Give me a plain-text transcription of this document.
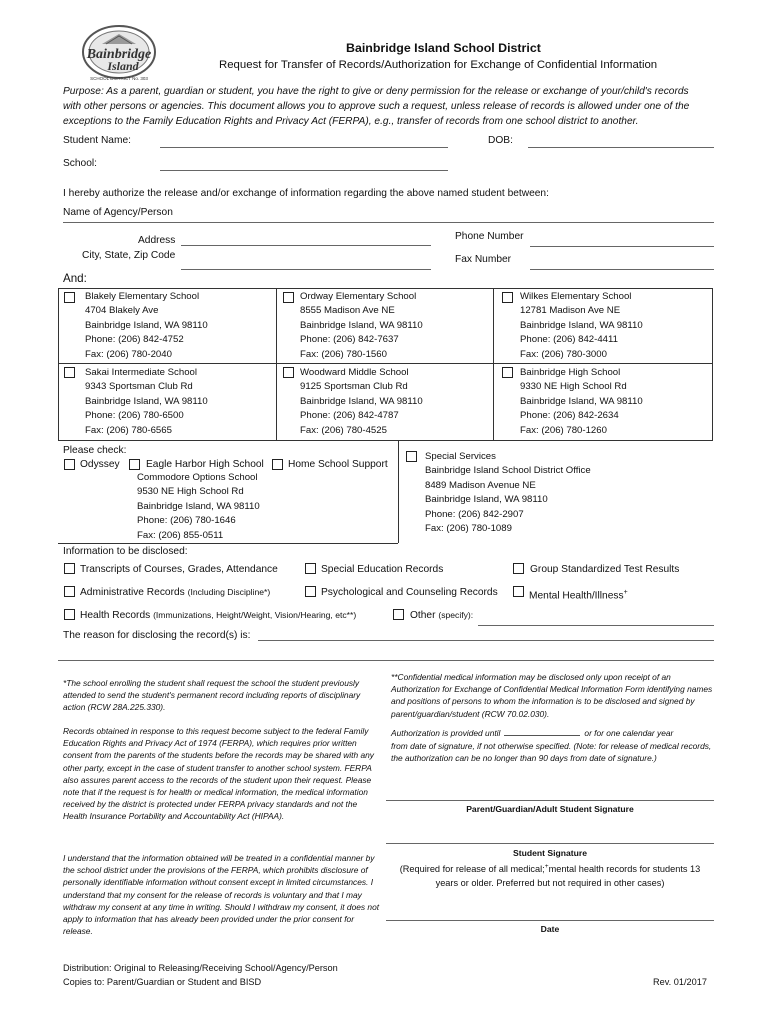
Bainbridge
Island
SCHOOL DISTRICT No. 303
Bainbridge Island School District
Request for Transfer of Records/Authorization for Exchange of Confidential Information
Purpose: As a parent, guardian or student, you have the right to give or deny permission for the release or exchange of your/child's records
with other persons or agencies. This document allows you to approve such a request, unless release of records is allowed under one of the
exceptions to the Family Education Rights and Privacy Act (FERPA), e.g., transfer of records from one school district to another.
Student Name:	DOB:
School:
I hereby authorize the release and/or exchange of information regarding the above named student between:
Name of Agency/Person
Address
City, State, Zip Code
Phone Number
Fax Number
And:
Blakely Elementary School
4704 Blakely Ave
Bainbridge Island, WA 98110
Phone: (206) 842-4752
Fax: (206) 780-2040
Ordway Elementary School
8555 Madison Ave NE
Bainbridge Island, WA 98110
Phone: (206) 842-7637
Fax: (206) 780-1560
Wilkes Elementary School
12781 Madison Ave NE
Bainbridge Island, WA 98110
Phone: (206) 842-4411
Fax: (206) 780-3000
Sakai Intermediate School
9343 Sportsman Club Rd
Bainbridge Island, WA 98110
Phone: (206) 780-6500
Fax: (206) 780-6565
Woodward Middle School
9125 Sportsman Club Rd
Bainbridge Island, WA 98110
Phone: (206) 842-4787
Fax: (206) 780-4525
Bainbridge High School
9330 NE High School Rd
Bainbridge Island, WA 98110
Phone: (206) 842-2634
Fax: (206) 780-1260
Please check:
Odyssey	Eagle Harbor High School Home School Support
Commodore Options School
9530 NE High School Rd
Bainbridge Island, WA 98110
Phone: (206) 780-1646
Fax: (206) 855-0511
Special Services
Bainbridge Island School District Office
8489 Madison Avenue NE
Bainbridge Island, WA 98110
Phone: (206) 842-2907
Fax: (206) 780-1089
Information to be disclosed:
Transcripts of Courses, Grades, Attendance	Special Education Records	Group Standardized Test Results
Administrative Records (Including Discipline*)	Psychological and Counseling Records	Mental Health/Illness+
Health Records (Immunizations, Height/Weight, Vision/Hearing, etc**)	Other (specify):
The reason for disclosing the record(s) is:
*The school enrolling the student shall request the school the student previously attended to send the student's permanent record including reports of disciplinary action (RCW 28A.225.330).
Records obtained in response to this request become subject to the federal Family Education Rights and Privacy Act of 1974 (FERPA), which requires prior written consent from the parents of the students before the records may be shared with any other party, except in the case of student transfer to another school system. FERPA also assures parent access to the records of the student upon their request. Please note that if the request is for health or medical information, the medical information received by the district is protected under FERPA privacy standards and not the Health Insurance Portability and Accountability Act (HIPAA).
I understand that the information obtained will be treated in a confidential manner by the school district under the provisions of the FERPA, which prohibits disclosure of personally identifiable information without consent except in limited circumstances. I understand that my consent for the release of records is voluntary and that I may withdraw my consent at any time in writing. Should I withdraw my consent, it does not apply to information that has already been provided under the prior consent for release.
**Confidential medical information may be disclosed only upon receipt of an Authorization for Exchange of Confidential Medical Information Form identifying names and positions of persons to whom the information is to be disclosed and signed by parent/guardian/student (RCW 70.02.030).
Authorization is provided until	or for one calendar year
from date of signature, if not otherwise specified. (Note: for release of medical records, the authorization can be no longer than 90 days from date of signature.)
Parent/Guardian/Adult Student Signature
Student Signature
(Required for release of all medical;+mental health records for students 13
years or older. Preferred but not required in other cases)
Date
Distribution: Original to Releasing/Receiving School/Agency/Person
Copies to: Parent/Guardian or Student and BISD	Rev. 01/2017
